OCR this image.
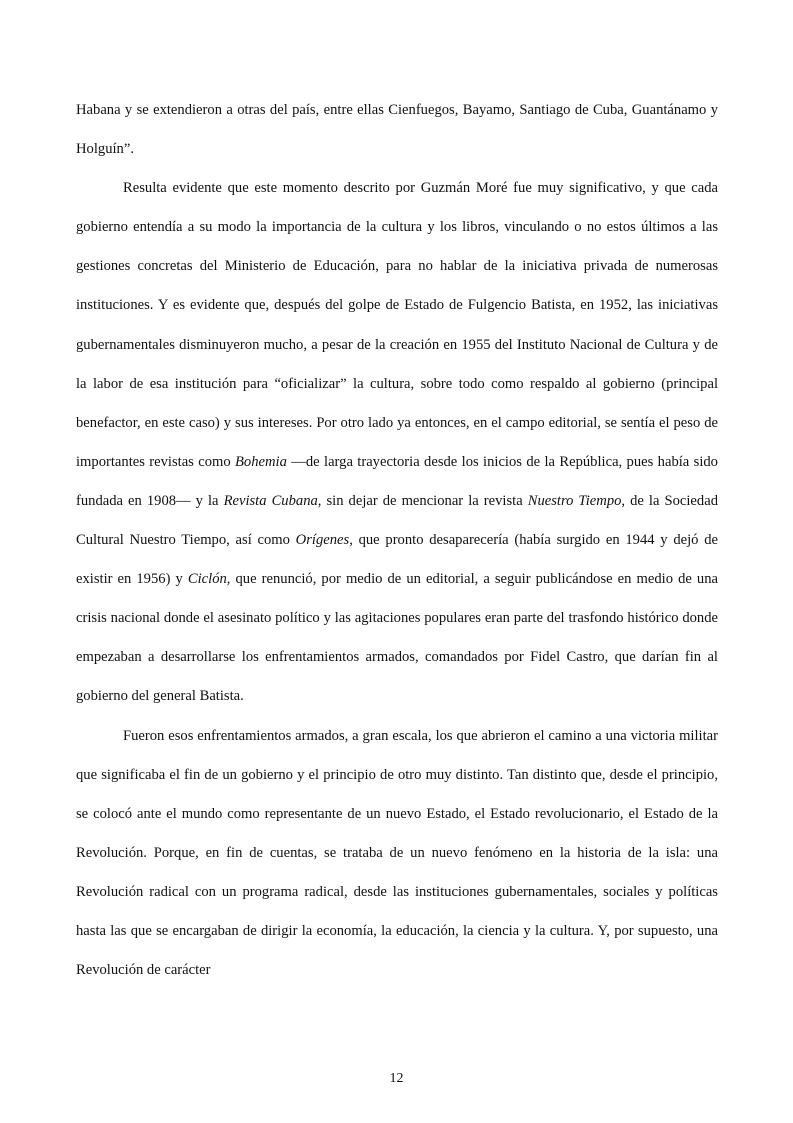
Habana y se extendieron a otras del país, entre ellas Cienfuegos, Bayamo, Santiago de Cuba, Guantánamo y Holguín”.

Resulta evidente que este momento descrito por Guzmán Moré fue muy significativo, y que cada gobierno entendía a su modo la importancia de la cultura y los libros, vinculando o no estos últimos a las gestiones concretas del Ministerio de Educación, para no hablar de la iniciativa privada de numerosas instituciones. Y es evidente que, después del golpe de Estado de Fulgencio Batista, en 1952, las iniciativas gubernamentales disminuyeron mucho, a pesar de la creación en 1955 del Instituto Nacional de Cultura y de la labor de esa institución para “oficializar” la cultura, sobre todo como respaldo al gobierno (principal benefactor, en este caso) y sus intereses. Por otro lado ya entonces, en el campo editorial, se sentía el peso de importantes revistas como Bohemia —de larga trayectoria desde los inicios de la República, pues había sido fundada en 1908— y la Revista Cubana, sin dejar de mencionar la revista Nuestro Tiempo, de la Sociedad Cultural Nuestro Tiempo, así como Orígenes, que pronto desaparecería (había surgido en 1944 y dejó de existir en 1956) y Ciclón, que renunció, por medio de un editorial, a seguir publicándose en medio de una crisis nacional donde el asesinato político y las agitaciones populares eran parte del trasfondo histórico donde empezaban a desarrollarse los enfrentamientos armados, comandados por Fidel Castro, que darían fin al gobierno del general Batista.

Fueron esos enfrentamientos armados, a gran escala, los que abrieron el camino a una victoria militar que significaba el fin de un gobierno y el principio de otro muy distinto. Tan distinto que, desde el principio, se colocó ante el mundo como representante de un nuevo Estado, el Estado revolucionario, el Estado de la Revolución. Porque, en fin de cuentas, se trataba de un nuevo fenómeno en la historia de la isla: una Revolución radical con un programa radical, desde las instituciones gubernamentales, sociales y políticas hasta las que se encargaban de dirigir la economía, la educación, la ciencia y la cultura. Y, por supuesto, una Revolución de carácter

12
